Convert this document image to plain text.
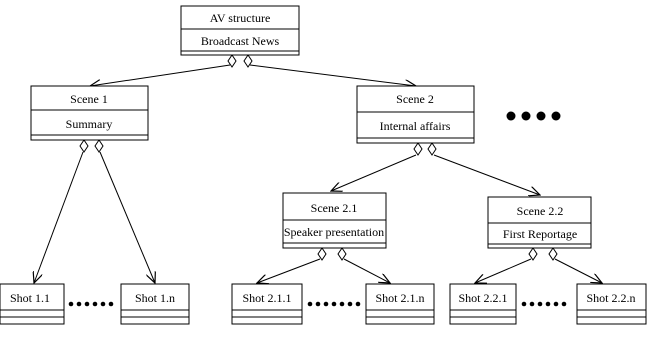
AV structure
Broadcast News
Scene 1
Summary
Scene 2
Internal affairs
Scene 2.1
Speaker presentation
Scene 2.2
First Reportage
Shot 1.1	Shot 1.n	Shot 2.1.1	Shot 2.1.n	Shot 2.2.1	Shot 2.2.n
